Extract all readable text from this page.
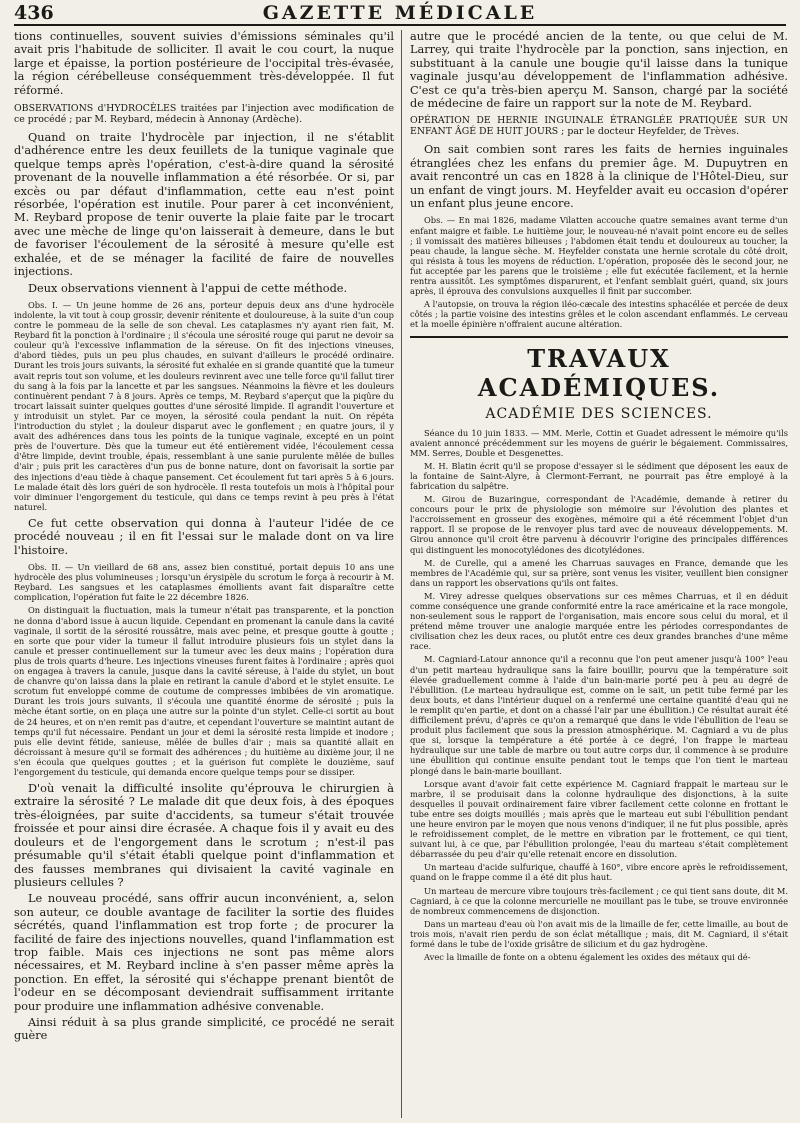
436	GAZETTE MÉDICALE

tions continuelles, souvent suivies d'émissions séminales qu'il avait pris l'habitude de solliciter. Il avait le cou court, la nuque large et épaisse, la portion postérieure de l'occipital très-évasée, la région cérébelleuse conséquemment très-développée. Il fut réformé.

OBSERVATIONS d'HYDROCÈLES traitées par l'injection avec modification de ce procédé ; par M. Reybard, médecin à Annonay (Ardèche).

Quand on traite l'hydrocèle par injection, il ne s'établit d'adhérence entre les deux feuillets de la tunique vaginale que quelque temps après l'opération, c'est-à-dire quand la sérosité provenant de la nouvelle inflammation a été résorbée. Or si, par excès ou par défaut d'inflammation, cette eau n'est point résorbée, l'opération est inutile. Pour parer à cet inconvénient, M. Reybard propose de tenir ouverte la plaie faite par le trocart avec une mèche de linge qu'on laisserait à demeure, dans le but de favoriser l'écoulement de la sérosité à mesure qu'elle est exhalée, et de se ménager la facilité de faire de nouvelles injections.

Deux observations viennent à l'appui de cette méthode.

Obs. I. — Un jeune homme de 26 ans, porteur depuis deux ans d'une hydrocèle indolente, la vit tout à coup grossir, devenir rénitente et douloureuse, à la suite d'un coup contre le pommeau de la selle de son cheval. Les cataplasmes n'y ayant rien fait, M. Reybard fit la ponction à l'ordinaire ; il s'écoula une sérosité rouge qui parut ne devoir sa couleur qu'à l'excessive inflammation de la séreuse. On fit des injections vineuses, d'abord tièdes, puis un peu plus chaudes, en suivant d'ailleurs le procédé ordinaire. Durant les trois jours suivants, la sérosité fut exhalée en si grande quantité que la tumeur avait repris tout son volume, et les douleurs revinrent avec une telle force qu'il fallut tirer du sang à la fois par la lancette et par les sangsues. Néanmoins la fièvre et les douleurs continuèrent pendant 7 à 8 jours. Après ce temps, M. Reybard s'aperçut que la piqûre du trocart laissait suinter quelques gouttes d'une sérosité limpide. Il agrandit l'ouverture et y introduisit un stylet. Par ce moyen, la sérosité coula pendant la nuit. On répéta l'introduction du stylet ; la douleur disparut avec le gonflement ; en quatre jours, il y avait des adhérences dans tous les points de la tunique vaginale, excepté en un point près de l'ouverture. Dès que la tumeur eut été entièrement vidée, l'écoulement cessa d'être limpide, devint trouble, épais, ressemblant à une sanie purulente mêlée de bulles d'air ; puis prit les caractères d'un pus de bonne nature, dont on favorisait la sortie par des injections d'eau tiède à chaque pansement. Cet écoulement fut tari après 5 à 6 jours. Le malade était dès lors guéri de son hydrocèle. Il resta toutefois un mois à l'hôpital pour voir diminuer l'engorgement du testicule, qui dans ce temps revint à peu près à l'état naturel.

Ce fut cette observation qui donna à l'auteur l'idée de ce procédé nouveau ; il en fit l'essai sur le malade dont on va lire l'histoire.

Obs. II. — Un vieillard de 68 ans, assez bien constitué, portait depuis 10 ans une hydrocèle des plus volumineuses ; lorsqu'un érysipèle du scrotum le força à recourir à M. Reybard. Les sangsues et les cataplasmes émollients avant fait disparaître cette complication, l'opération fut faite le 22 décembre 1826.

On distinguait la fluctuation, mais la tumeur n'était pas transparente, et la ponction ne donna d'abord issue à aucun liquide. Cependant en promenant la canule dans la cavité vaginale, il sortit de la sérosité roussâtre, mais avec peine, et presque goutte à goutte ; en sorte que pour vider la tumeur il fallut introduire plusieurs fois un stylet dans la canule et presser continuellement sur la tumeur avec les deux mains ; l'opération dura plus de trois quarts d'heure. Les injections vineuses furent faites à l'ordinaire ; après quoi on engagea à travers la canule, jusque dans la cavité séreuse, à l'aide du stylet, un bout de chanvre qu'on laissa dans la plaie en retirant la canule d'abord et le stylet ensuite. Le scrotum fut enveloppé comme de coutume de compresses imbibées de vin aromatique. Durant les trois jours suivants, il s'écoula une quantité énorme de sérosité ; puis la mèche étant sortie, on en plaça une autre sur la pointe d'un stylet. Celle-ci sortit au bout de 24 heures, et on n'en remit pas d'autre, et cependant l'ouverture se maintint autant de temps qu'il fut nécessaire. Pendant un jour et demi la sérosité resta limpide et inodore ; puis elle devint fétide, sanieuse, mêlée de bulles d'air ; mais sa quantité allait en décroissant à mesure qu'il se formait des adhérences ; du huitième au dixième jour, il ne s'en écoula que quelques gouttes ; et la guérison fut complète le douzième, sauf l'engorgement du testicule, qui demanda encore quelque temps pour se dissiper.

D'où venait la difficulté insolite qu'éprouva le chirurgien à extraire la sérosité ? Le malade dit que deux fois, à des époques très-éloignées, par suite d'accidents, sa tumeur s'était trouvée froissée et pour ainsi dire écrasée. A chaque fois il y avait eu des douleurs et de l'engorgement dans le scrotum ; n'est-il pas présumable qu'il s'était établi quelque point d'inflammation et des fausses membranes qui divisaient la cavité vaginale en plusieurs cellules ?

Le nouveau procédé, sans offrir aucun inconvénient, a, selon son auteur, ce double avantage de faciliter la sortie des fluides sécrétés, quand l'inflammation est trop forte ; de procurer la facilité de faire des injections nouvelles, quand l'inflammation est trop faible. Mais ces injections ne sont pas même alors nécessaires, et M. Reybard incline à s'en passer même après la ponction. En effet, la sérosité qui s'échappe prenant bientôt de l'odeur en se décomposant deviendrait suffisamment irritante pour produire une inflammation adhésive convenable.

Ainsi réduit à sa plus grande simplicité, ce procédé ne serait guère

autre que le procédé ancien de la tente, ou que celui de M. Larrey, qui traite l'hydrocèle par la ponction, sans injection, en substituant à la canule une bougie qu'il laisse dans la tunique vaginale jusqu'au développement de l'inflammation adhésive. C'est ce qu'a très-bien aperçu M. Sanson, chargé par la société de médecine de faire un rapport sur la note de M. Reybard.

OPÉRATION DE HERNIE INGUINALE ÉTRANGLÉE PRATIQUÉE SUR UN ENFANT ÂGÉ DE HUIT JOURS ; par le docteur Heyfelder, de Trèves.

On sait combien sont rares les faits de hernies inguinales étranglées chez les enfans du premier âge. M. Dupuytren en avait rencontré un cas en 1828 à la clinique de l'Hôtel-Dieu, sur un enfant de vingt jours. M. Heyfelder avait eu occasion d'opérer un enfant plus jeune encore.

Obs. — En mai 1826, madame Vilatten accouche quatre semaines avant terme d'un enfant maigre et faible. Le huitième jour, le nouveau-né n'avait point encore eu de selles ; il vomissait des matières bilieuses ; l'abdomen était tendu et douloureux au toucher, la peau chaude, la langue sèche. M. Heyfelder constata une hernie scrotale du côté droit, qui résista à tous les moyens de réduction. L'opération, proposée dès le second jour, ne fut acceptée par les parens que le troisième ; elle fut exécutée facilement, et la hernie rentra aussitôt. Les symptômes disparurent, et l'enfant semblait guéri, quand, six jours après, il éprouva des convulsions auxquelles il finit par succomber.

A l'autopsie, on trouva la région iléo-cæcale des intestins sphacélée et percée de deux côtés ; la partie voisine des intestins grêles et le colon ascendant enflammés. Le cerveau et la moelle épinière n'offraient aucune altération.

TRAVAUX ACADÉMIQUES.
ACADÉMIE DES SCIENCES.

Séance du 10 juin 1833. — MM. Merle, Cottin et Guadet adressent le mémoire qu'ils avaient annoncé précédemment sur les moyens de guérir le bégaiement. Commissaires, MM. Serres, Double et Desgenettes.

M. H. Blatin écrit qu'il se propose d'essayer si le sédiment que déposent les eaux de la fontaine de Saint-Alyre, à Clermont-Ferrant, ne pourrait pas être employé à la fabrication du salpêtre.

M. Girou de Buzaringue, correspondant de l'Académie, demande à retirer du concours pour le prix de physiologie son mémoire sur l'évolution des plantes et l'accroissement en grosseur des exogènes, mémoire qui a été récemment l'objet d'un rapport. Il se propose de le renvoyer plus tard avec de nouveaux développements. M. Girou annonce qu'il croit être parvenu à découvrir l'origine des principales différences qui distinguent les monocotylédones des dicotylédones.

M. de Curelle, qui a amené les Charruas sauvages en France, demande que les membres de l'Académie qui, sur sa prière, sont venus les visiter, veuillent bien consigner dans un rapport les observations qu'ils ont faites.

M. Virey adresse quelques observations sur ces mêmes Charruas, et il en déduit comme conséquence une grande conformité entre la race américaine et la race mongole, non-seulement sous le rapport de l'organisation, mais encore sous celui du moral, et il prétend même trouver une analogie marquée entre les périodes correspondantes de civilisation chez les deux races, ou plutôt entre ces deux grandes branches d'une même race.

M. Cagniard-Latour annonce qu'il a reconnu que l'on peut amener jusqu'à 100° l'eau d'un petit marteau hydraulique sans la faire bouillir, pourvu que la température soit élevée graduellement comme à l'aide d'un bain-marie porté peu à peu au degré de l'ébullition. (Le marteau hydraulique est, comme on le sait, un petit tube fermé par les deux bouts, et dans l'intérieur duquel on a renfermé une certaine quantité d'eau qui ne le remplit qu'en partie, et dont on a chassé l'air par une ébullition.) Ce résultat aurait été difficilement prévu, d'après ce qu'on a remarqué que dans le vide l'ébullition de l'eau se produit plus facilement que sous la pression atmosphérique. M. Cagniard a vu de plus que si, lorsque la température a été portée à ce degré, l'on frappe le marteau hydraulique sur une table de marbre ou tout autre corps dur, il commence à se produire une ébullition qui continue ensuite pendant tout le temps que l'on tient le marteau plongé dans le bain-marie bouillant.

Lorsque avant d'avoir fait cette expérience M. Cagniard frappait le marteau sur le marbre, il se produisait dans la colonne hydraulique des disjonctions, à la suite desquelles il pouvait ordinairement faire vibrer facilement cette colonne en frottant le tube entre ses doigts mouillés ; mais après que le marteau eut subi l'ébullition pendant une heure environ par le moyen que nous venons d'indiquer, il ne fut plus possible, après le refroidissement complet, de le mettre en vibration par le frottement, ce qui tient, suivant lui, à ce que, par l'ébullition prolongée, l'eau du marteau s'était complètement débarrassée du peu d'air qu'elle retenait encore en dissolution.

Un marteau d'acide sulfurique, chauffé à 160°, vibre encore après le refroidissement, quand on le frappe comme il a été dit plus haut.

Un marteau de mercure vibre toujours très-facilement ; ce qui tient sans doute, dit M. Cagniard, à ce que la colonne mercurielle ne mouillant pas le tube, se trouve environnée de nombreux commencemens de disjonction.

Dans un marteau d'eau où l'on avait mis de la limaille de fer, cette limaille, au bout de trois mois, n'avait rien perdu de son éclat métallique ; mais, dit M. Cagniard, il s'était formé dans le tube de l'oxide grisâtre de silicium et du gaz hydrogène.

Avec la limaille de fonte on a obtenu également les oxides des métaux qui dé-
